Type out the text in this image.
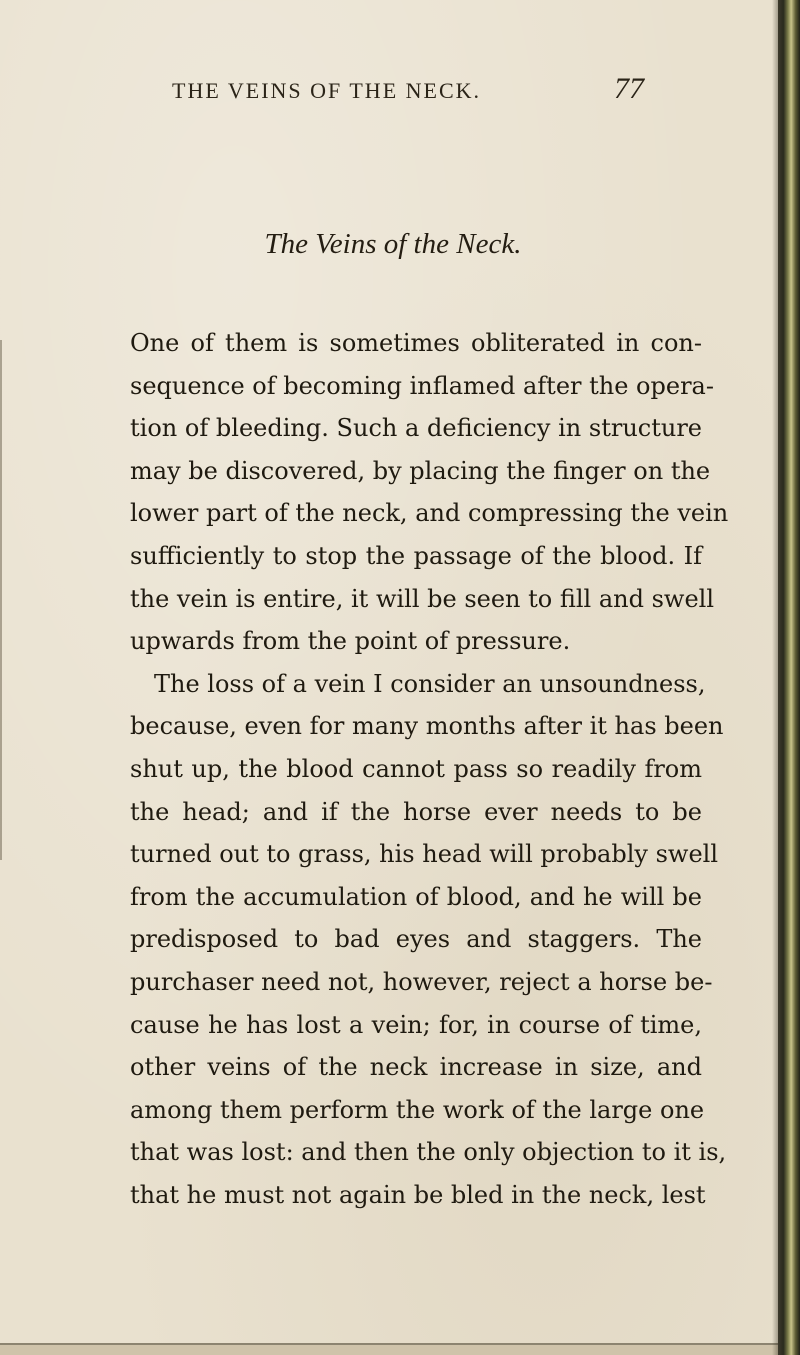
THE VEINS OF THE NECK.	77
The Veins of the Neck.
One of them is sometimes obliterated in con-
sequence of becoming inflamed after the opera-
tion of bleeding. Such a deficiency in structure
may be discovered, by placing the finger on the
lower part of the neck, and compressing the vein
sufficiently to stop the passage of the blood. If
the vein is entire, it will be seen to fill and swell
upwards from the point of pressure.
The loss of a vein I consider an unsoundness,
because, even for many months after it has been
shut up, the blood cannot pass so readily from
the head; and if the horse ever needs to be
turned out to grass, his head will probably swell
from the accumulation of blood, and he will be
predisposed to bad eyes and staggers. The
purchaser need not, however, reject a horse be-
cause he has lost a vein; for, in course of time,
other veins of the neck increase in size, and
among them perform the work of the large one
that was lost: and then the only objection to it is,
that he must not again be bled in the neck, lest
